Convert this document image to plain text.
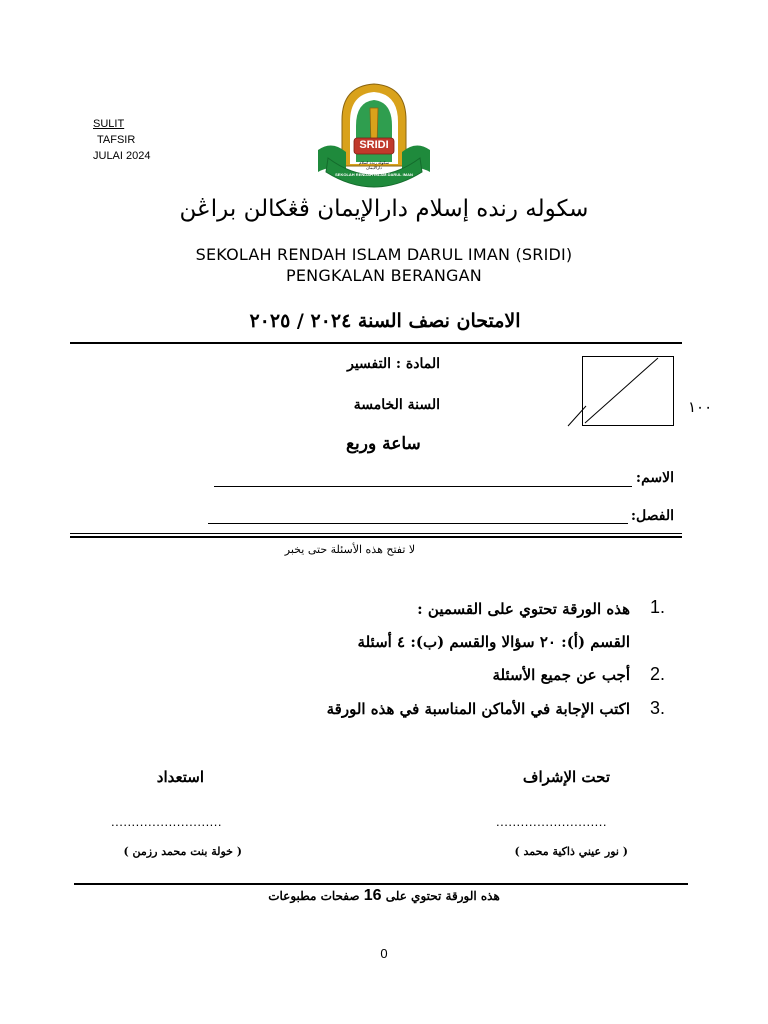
SULIT
TAFSIR
JULAI 2024
SRIDI
SEKOLAH RENDAH ISLAM DARUL IMAN
سکوله رنده اسلام دارالايمان
سكوله رنده إسلام دارالإيمان ڤڠكالن براڠن
SEKOLAH RENDAH ISLAM DARUL IMAN (SRIDI)
PENGKALAN BERANGAN
الامتحان نصف السنة ٢٠٢٤ / ٢٠٢٥
المادة : التفسير
السنة الخامسة
ساعة وربع
١٠٠
الاسم:
الفصل:
لا تفتح هذه الأسئلة حتى يخبر
1.
هذه الورقة تحتوي على القسمين :
القسم (أ): ٢٠ سؤالا والقسم (ب): ٤ أسئلة
2.
أجب عن جميع الأسئلة
3.
اكتب الإجابة في الأماكن المناسبة في هذه الورقة
تحت الإشراف
استعداد
...........................
...........................
( نور عيني ذاكية محمد )
( خولة بنت محمد رزمن )
هذه الورقة تحتوي على 16 صفحات مطبوعات
0
